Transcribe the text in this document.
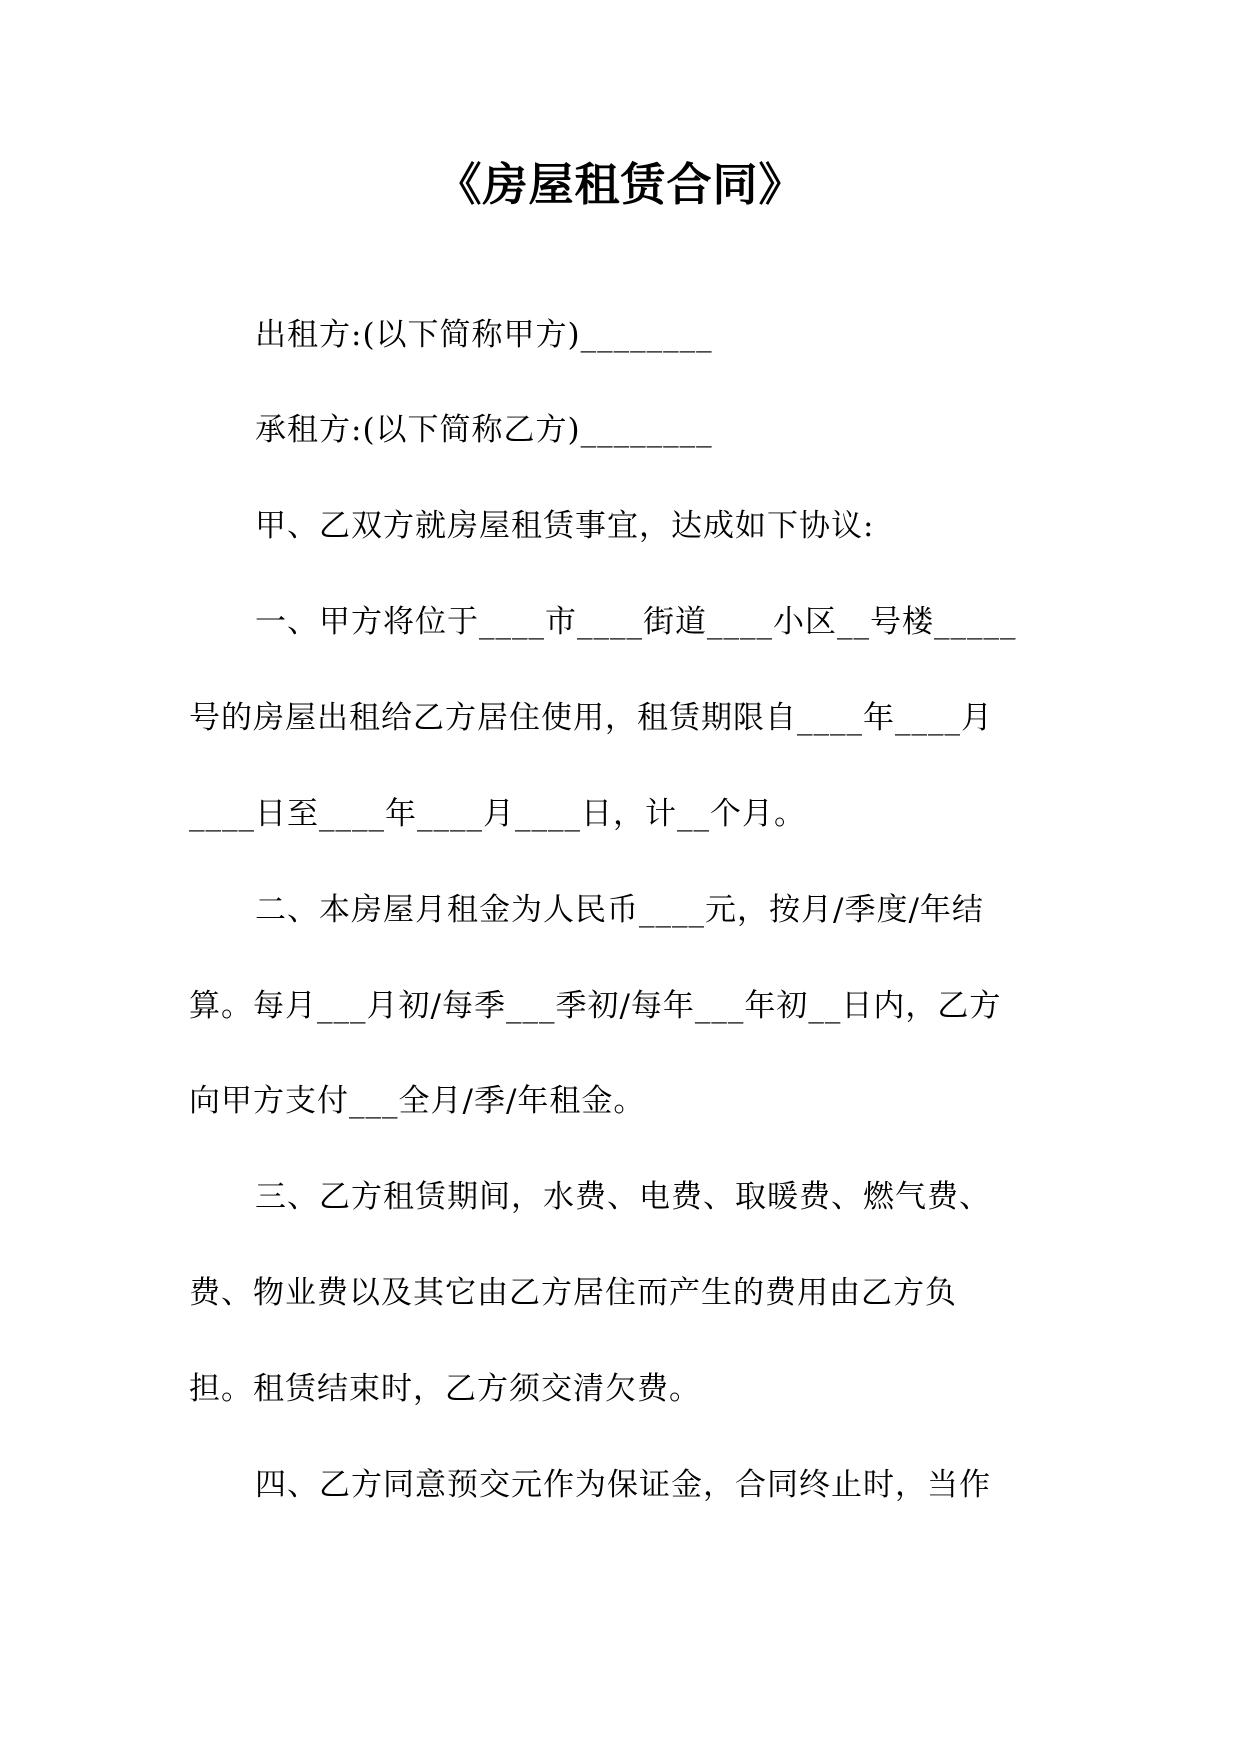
《房屋租赁合同》
出租方:(以下简称甲方)________
承租方:(以下简称乙方)________
甲、乙双方就房屋租赁事宜，达成如下协议:
一、甲方将位于____市____街道____小区__号楼_____
号的房屋出租给乙方居住使用，租赁期限自____年____月
____日至____年____月____日，计__个月。
二、本房屋月租金为人民币____元，按月/季度/年结
算。每月___月初/每季___季初/每年___年初__日内，乙方
向甲方支付___全月/季/年租金。
三、乙方租赁期间，水费、电费、取暖费、燃气费、
费、物业费以及其它由乙方居住而产生的费用由乙方负
担。租赁结束时，乙方须交清欠费。
四、乙方同意预交元作为保证金，合同终止时，当作
